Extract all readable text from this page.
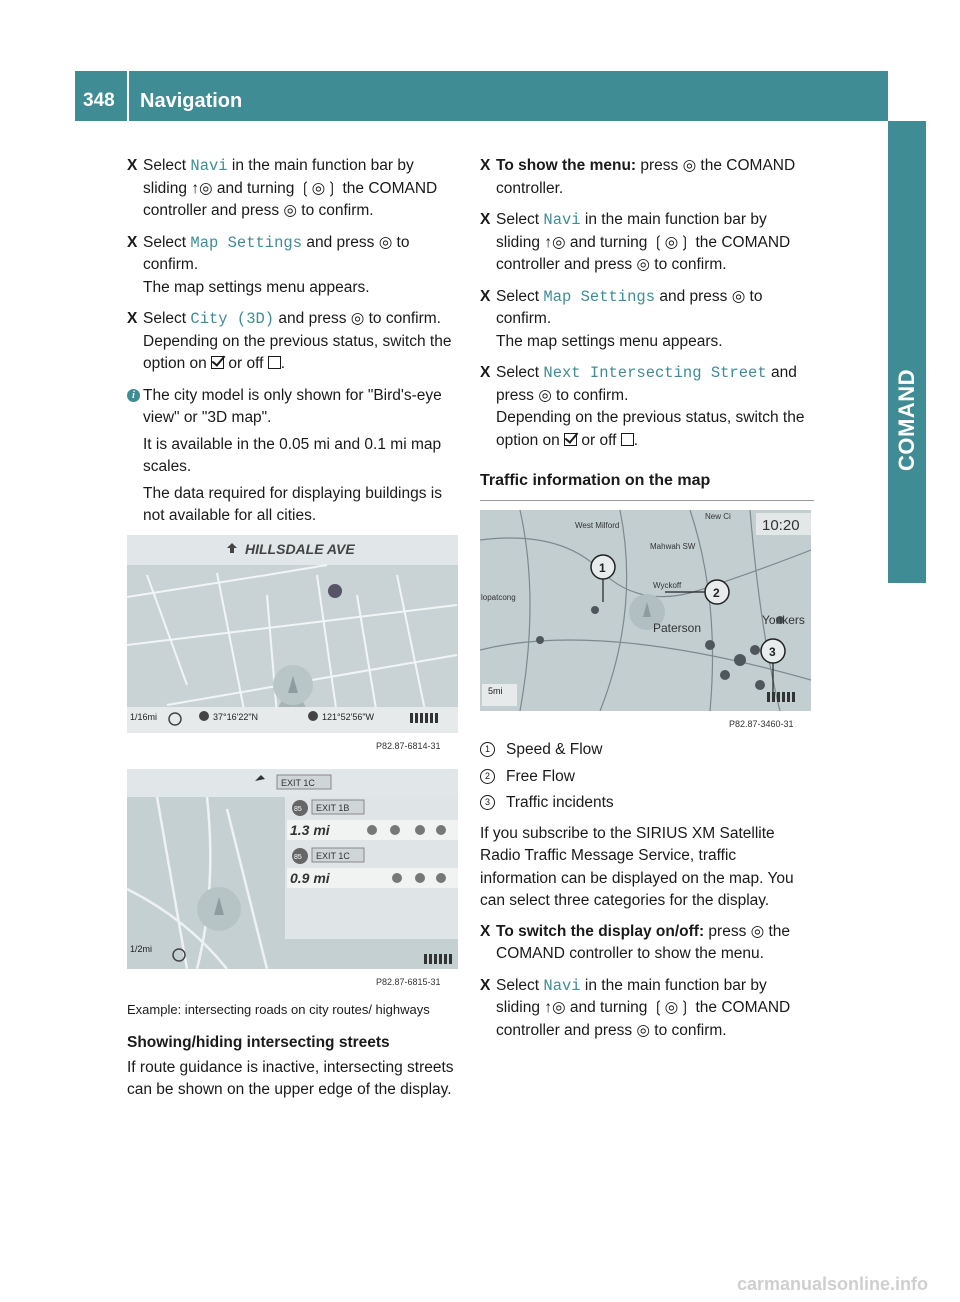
348 Navigation
COMAND
X Select Navi in the main function bar by sliding ↑◎ and turning ❲◎❳ the COMAND controller and press ◎ to confirm.
X Select Map Settings and press ◎ to confirm.
The map settings menu appears.
X Select City (3D) and press ◎ to confirm.
Depending on the previous status, switch the option on  or off .
i The city model is only shown for "Bird's-eye view" or "3D map".

It is available in the 0.05 mi and 0.1 mi map scales.

The data required for displaying buildings is not available for all cities.

HILLSDALE AVE
1/16mi	37°16'22"N	121°52'56"W
P82.87-6814-31
EXIT 1C
85 EXIT 1B
1.3 mi
85 EXIT 1C
0.9 mi
1/2mi
P82.87-6815-31
Example: intersecting roads on city routes/ highways
Showing/hiding intersecting streets
If route guidance is inactive, intersecting streets can be shown on the upper edge of the display.
X To show the menu: press ◎ the COMAND controller.
X Select Navi in the main function bar by sliding ↑◎ and turning ❲◎❳ the COMAND controller and press ◎ to confirm.
X Select Map Settings and press ◎ to confirm.
The map settings menu appears.
X Select Next Intersecting Street and press ◎ to confirm.
Depending on the previous status, switch the option on  or off .
Traffic information on the map
10:20
West Milford
New Ci
Mahwah SW
Wyckoff
Paterson
Yonkers
lopatcong
1
2
3
5mi
P82.87-3460-31
1	Speed & Flow
2	Free Flow
3	Traffic incidents
If you subscribe to the SIRIUS XM Satellite Radio Traffic Message Service, traffic information can be displayed on the map. You can select three categories for the display.
X To switch the display on/off: press ◎ the COMAND controller to show the menu.
X Select Navi in the main function bar by sliding ↑◎ and turning ❲◎❳ the COMAND controller and press ◎ to confirm.
carmanualsonline.info
